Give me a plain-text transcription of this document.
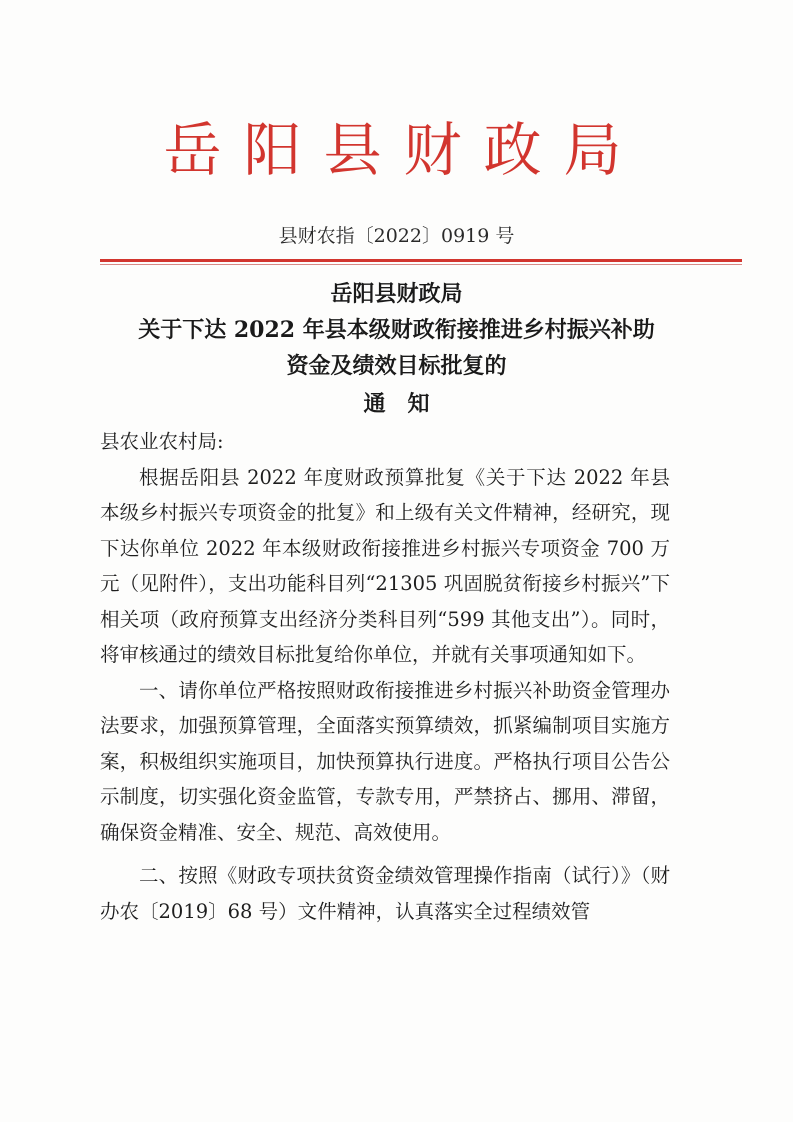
岳阳县财政局
县财农指〔2022〕0919 号
岳阳县财政局
关于下达 2022 年县本级财政衔接推进乡村振兴补助
资金及绩效目标批复的
通知

县农业农村局:

根据岳阳县 2022 年度财政预算批复《关于下达 2022 年县本级乡村振兴专项资金的批复》和上级有关文件精神，经研究，现下达你单位 2022 年本级财政衔接推进乡村振兴专项资金 700 万元（见附件），支出功能科目列“21305 巩固脱贫衔接乡村振兴”下相关项（政府预算支出经济分类科目列“599 其他支出”）。同时，将审核通过的绩效目标批复给你单位，并就有关事项通知如下。

一、请你单位严格按照财政衔接推进乡村振兴补助资金管理办法要求，加强预算管理，全面落实预算绩效，抓紧编制项目实施方案，积极组织实施项目，加快预算执行进度。严格执行项目公告公示制度，切实强化资金监管，专款专用，严禁挤占、挪用、滞留，确保资金精准、安全、规范、高效使用。

二、按照《财政专项扶贫资金绩效管理操作指南（试行）》（财办农〔2019〕68 号）文件精神，认真落实全过程绩效管
